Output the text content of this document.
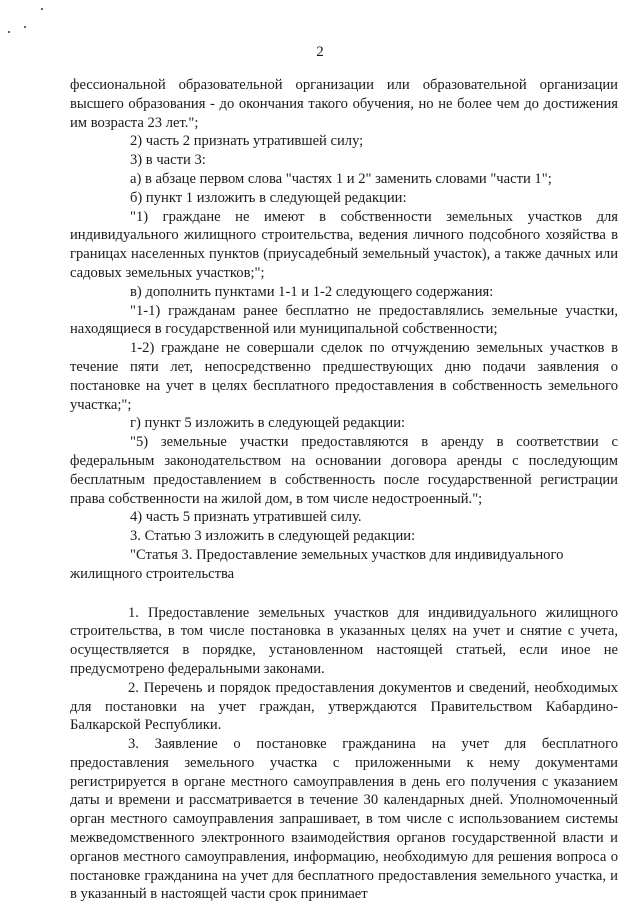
2

фессиональной образовательной организации или образовательной организации высшего образования - до окончания такого обучения, но не более чем до достижения им возраста 23 лет.";

2) часть 2 признать утратившей силу;

3) в части 3:

а) в абзаце первом слова "частях 1 и 2" заменить словами "части 1";

б) пункт 1 изложить в следующей редакции:

"1) граждане не имеют в собственности земельных участков для индивидуального жилищного строительства, ведения личного подсобного хозяйства в границах населенных пунктов (приусадебный земельный участок), а также дачных или садовых земельных участков;";

в) дополнить пунктами 1-1 и 1-2 следующего содержания:

"1-1) гражданам ранее бесплатно не предоставлялись земельные участки, находящиеся в государственной или муниципальной собственности;

1-2) граждане не совершали сделок по отчуждению земельных участков в течение пяти лет, непосредственно предшествующих дню подачи заявления о постановке на учет в целях бесплатного предоставления в собственность земельного участка;";

г) пункт 5 изложить в следующей редакции:

"5) земельные участки предоставляются в аренду в соответствии с федеральным законодательством на основании договора аренды с последующим бесплатным предоставлением в собственность после государственной регистрации права собственности на жилой дом, в том числе недостроенный.";

4) часть 5 признать утратившей силу.

3. Статью 3 изложить в следующей редакции:

"Статья 3. Предоставление земельных участков для индивидуального

жилищного строительства

1. Предоставление земельных участков для индивидуального жилищного строительства, в том числе постановка в указанных целях на учет и снятие с учета, осуществляется в порядке, установленном настоящей статьей, если иное не предусмотрено федеральными законами.

2. Перечень и порядок предоставления документов и сведений, необходимых для постановки на учет граждан, утверждаются Правительством Кабардино-Балкарской Республики.

3. Заявление о постановке гражданина на учет для бесплатного предоставления земельного участка с приложенными к нему документами регистрируется в органе местного самоуправления в день его получения с указанием даты и времени и рассматривается в течение 30 календарных дней. Уполномоченный орган местного самоуправления запрашивает, в том числе с использованием системы межведомственного электронного взаимодействия органов государственной власти и органов местного самоуправления, информацию, необходимую для решения вопроса о постановке гражданина на учет для бесплатного предоставления земельного участка, и в указанный в настоящей части срок принимает
